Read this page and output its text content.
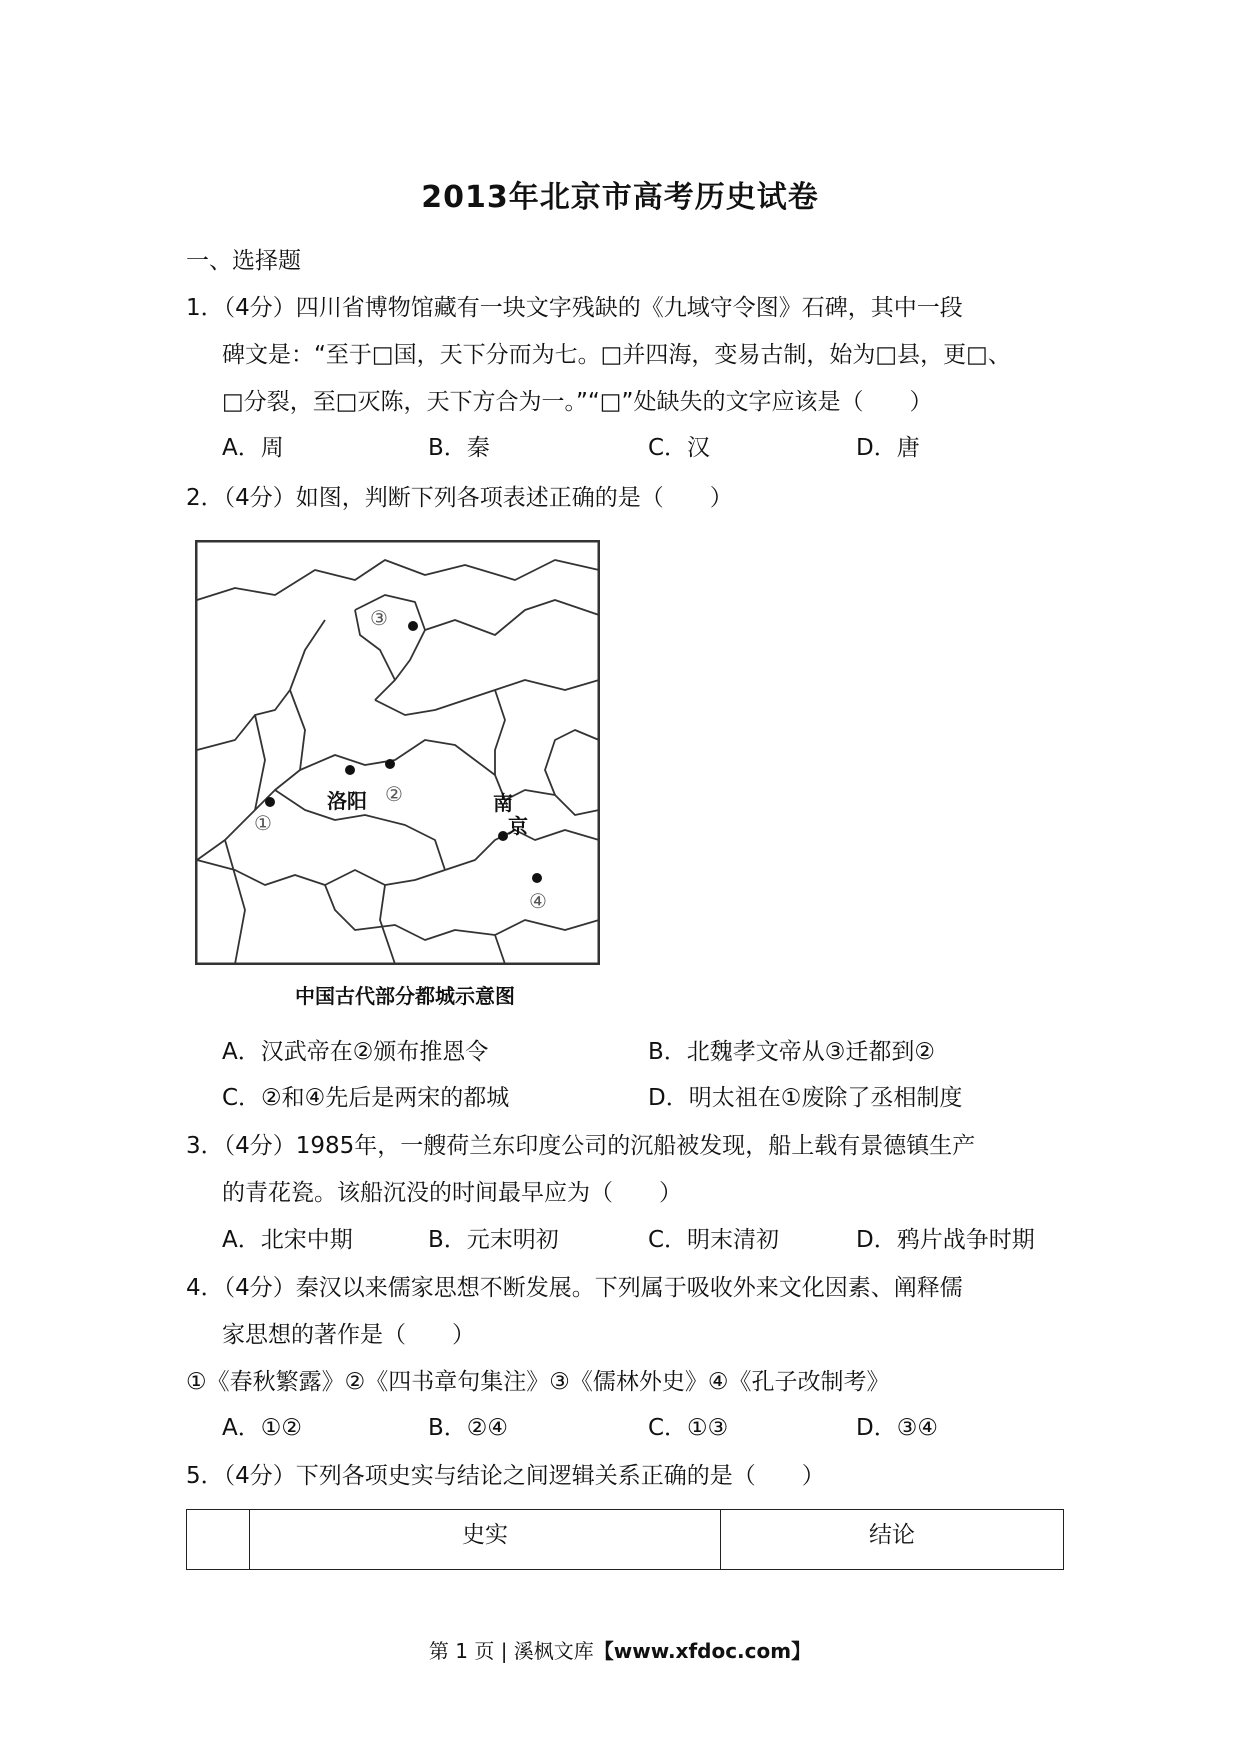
2013年北京市高考历史试卷
一、选择题
1．（4分）四川省博物馆藏有一块文字残缺的《九域守令图》石碑，其中一段
碑文是：“至于□国，天下分而为七。□并四海，变易古制，始为□县，更□、
□分裂，至□灭陈，天下方合为一。”“□”处缺失的文字应该是（　　）
A．周	B．秦	C．汉	D．唐
2．（4分）如图，判断下列各项表述正确的是（　　）
③
洛阳 ②
①
南
京
④
中国古代部分都城示意图
A．汉武帝在②颁布推恩令	B．北魏孝文帝从③迁都到②
C．②和④先后是两宋的都城	D．明太祖在①废除了丞相制度
3．（4分）1985年，一艘荷兰东印度公司的沉船被发现，船上载有景德镇生产
的青花瓷。该船沉没的时间最早应为（　　）
A．北宋中期	B．元末明初	C．明末清初	D．鸦片战争时期
4．（4分）秦汉以来儒家思想不断发展。下列属于吸收外来文化因素、阐释儒
家思想的著作是（　　）
①《春秋繁露》②《四书章句集注》③《儒林外史》④《孔子改制考》
A．①②	B．②④	C．①③	D．③④
5．（4分）下列各项史实与结论之间逻辑关系正确的是（　　）
	史实	结论
第 1 页 | 溪枫文库【www.xfdoc.com】
